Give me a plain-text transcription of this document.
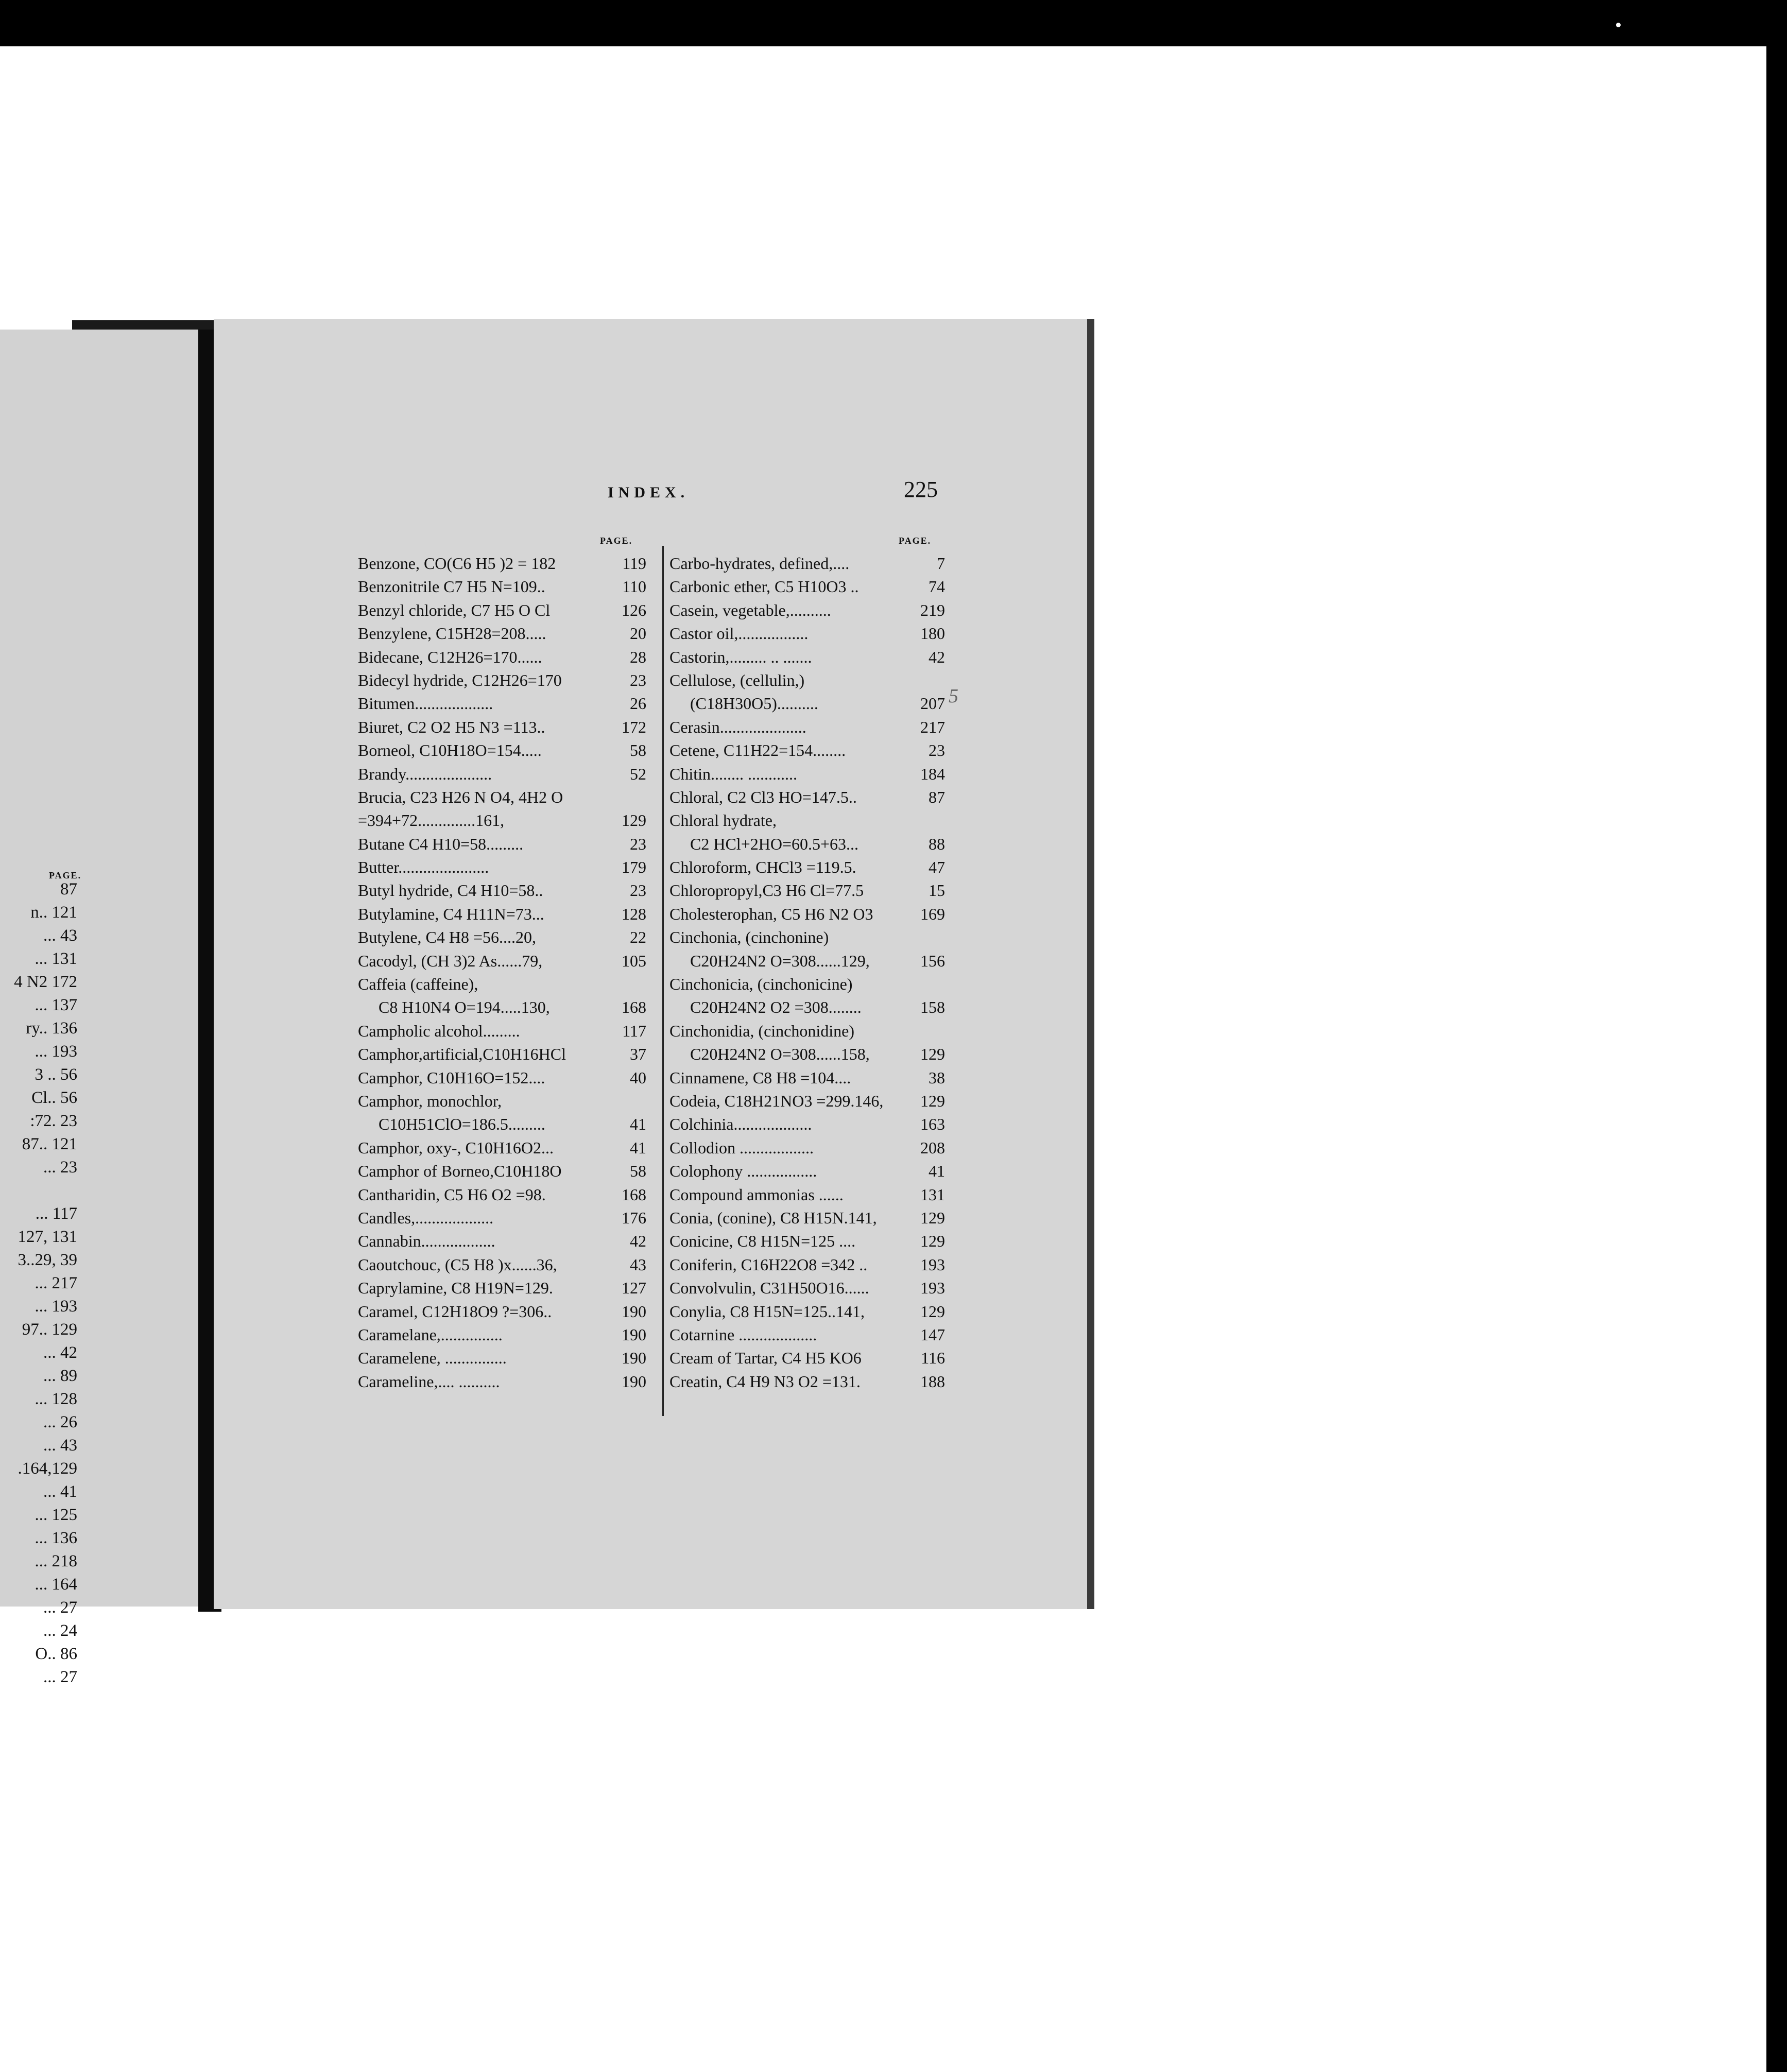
PAGE.
87
n.. 121
... 43
... 131
4 N2 172
... 137
ry.. 136
... 193
3 .. 56
Cl.. 56
:72. 23
87.. 121
... 23
... 117
127, 131
3..29, 39
... 217
... 193
97.. 129
... 42
... 89
... 128
... 26
... 43
.164,129
... 41
... 125
... 136
... 218
... 164
... 27
... 24
O.. 86
... 27
INDEX.	225
PAGE.	PAGE.
Benzone, CO(C6 H5 )2 = 182	119
Benzonitrile C7 H5 N=109..	110
Benzyl chloride, C7 H5 O Cl	126
Benzylene, C15H28=208.....	20
Bidecane, C12H26=170......	28
Bidecyl hydride, C12H26=170	23
Bitumen...................	26
Biuret, C2 O2 H5 N3 =113..	172
Borneol, C10H18O=154.....	58
Brandy.....................	52
Brucia, C23 H26 N O4, 4H2 O
=394+72..............161,	129
Butane C4 H10=58.........	23
Butter......................	179
Butyl hydride, C4 H10=58..	23
Butylamine, C4 H11N=73...	128
Butylene, C4 H8 =56....20,	22
Cacodyl, (CH 3)2 As......79,	105
Caffeia (caffeine),
C8 H10N4 O=194.....130,	168
Campholic alcohol.........	117
Camphor,artificial,C10H16HCl	37
Camphor, C10H16O=152....	40
Camphor, monochlor,
C10H51ClO=186.5.........	41
Camphor, oxy-, C10H16O2...	41
Camphor of Borneo,C10H18O	58
Cantharidin, C5 H6 O2 =98.	168
Candles,...................	176
Cannabin..................	42
Caoutchouc, (C5 H8 )x......36,	43
Caprylamine, C8 H19N=129.	127
Caramel, C12H18O9 ?=306..	190
Caramelane,...............	190
Caramelene, ...............	190
Carameline,.... ..........	190
Carbo-hydrates, defined,....	7
Carbonic ether, C5 H10O3 ..	74
Casein, vegetable,..........	219
Castor oil,.................	180
Castorin,......... .. .......	42
Cellulose, (cellulin,)
(C18H30O5)..........	207
Cerasin.....................	217
Cetene, C11H22=154........	23
Chitin........ ............	184
Chloral, C2 Cl3 HO=147.5..	87
Chloral hydrate,
C2 HCl+2HO=60.5+63...	88
Chloroform, CHCl3 =119.5.	47
Chloropropyl,C3 H6 Cl=77.5	15
Cholesterophan, C5 H6 N2 O3	169
Cinchonia, (cinchonine)
C20H24N2 O=308......129,	156
Cinchonicia, (cinchonicine)
C20H24N2 O2 =308........	158
Cinchonidia, (cinchonidine)
C20H24N2 O=308......158,	129
Cinnamene, C8 H8 =104....	38
Codeia, C18H21NO3 =299.146,	129
Colchinia...................	163
Collodion ..................	208
Colophony .................	41
Compound ammonias ......	131
Conia, (conine), C8 H15N.141,	129
Conicine, C8 H15N=125 ....	129
Coniferin, C16H22O8 =342 ..	193
Convolvulin, C31H50O16......	193
Conylia, C8 H15N=125..141,	129
Cotarnine ...................	147
Cream of Tartar, C4 H5 KO6	116
Creatin, C4 H9 N3 O2 =131.	188
5
